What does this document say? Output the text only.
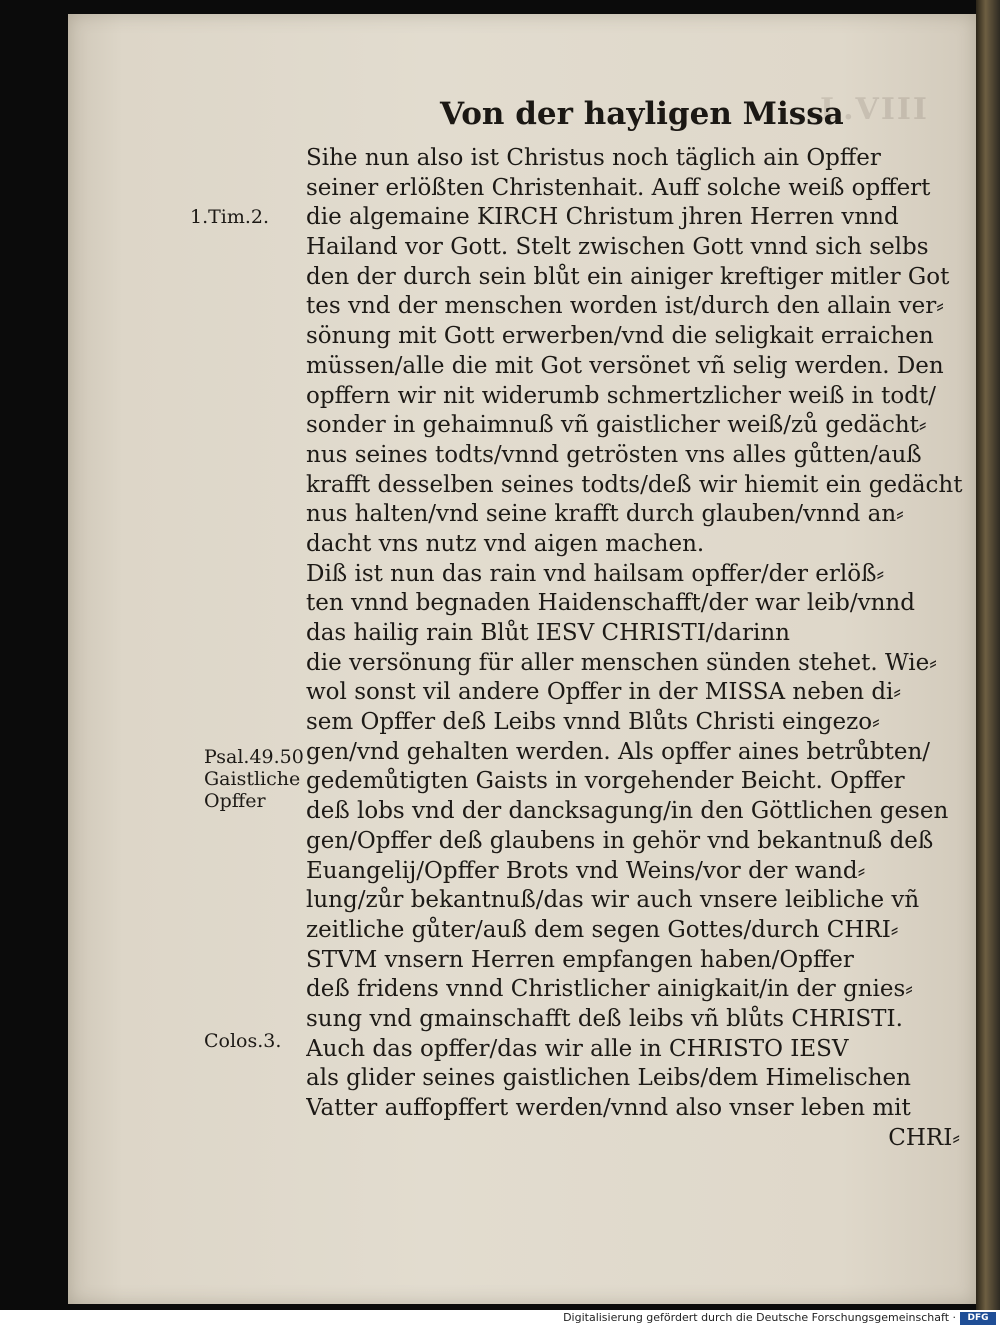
L.VIII
Von der hayligen Missa
Sihe nun also ist Christus noch täglich ain Opffer
seiner erlößten Christenhait. Auff solche weiß opffert
die algemaine KIRCH Christum jhren Herren vnnd
Hailand vor Gott. Stelt zwischen Gott vnnd sich selbs
den der durch sein blůt ein ainiger kreftiger mitler Got
tes vnd der menschen worden ist/durch den allain ver⸗
sönung mit Gott erwerben/vnd die seligkait erraichen
müssen/alle die mit Got versönet vñ selig werden. Den
opffern wir nit widerumb schmertzlicher weiß in todt/
sonder in gehaimnuß vñ gaistlicher weiß/zů gedächt⸗
nus seines todts/vnnd getrösten vns alles gůtten/auß
krafft desselben seines todts/deß wir hiemit ein gedächt
nus halten/vnd seine krafft durch glauben/vnnd an⸗
dacht vns nutz vnd aigen machen.
Diß ist nun das rain vnd hailsam opffer/der erlöß⸗
ten vnnd begnaden Haidenschafft/der war leib/vnnd
das hailig rain Blůt IESV CHRISTI/darinn
die versönung für aller menschen sünden stehet. Wie⸗
wol sonst vil andere Opffer in der MISSA neben di⸗
sem Opffer deß Leibs vnnd Blůts Christi eingezo⸗
gen/vnd gehalten werden. Als opffer aines betrůbten/
gedemůtigten Gaists in vorgehender Beicht. Opffer
deß lobs vnd der dancksagung/in den Göttlichen gesen
gen/Opffer deß glaubens in gehör vnd bekantnuß deß
Euangelij/Opffer Brots vnd Weins/vor der wand⸗
lung/zůr bekantnuß/das wir auch vnsere leibliche vñ
zeitliche gůter/auß dem segen Gottes/durch CHRI⸗
STVM vnsern Herren empfangen haben/Opffer
deß fridens vnnd Christlicher ainigkait/in der gnies⸗
sung vnd gmainschafft deß leibs vñ blůts CHRISTI.
Auch das opffer/das wir alle in CHRISTO IESV
als glider seines gaistlichen Leibs/dem Himelischen
Vatter auffopffert werden/vnnd also vnser leben mit
CHRI⸗
1.Tim.2.
Psal.49.50
Gaistliche
Opffer
Colos.3.
Digitalisierung gefördert durch die Deutsche Forschungsgemeinschaft ·	DFG
